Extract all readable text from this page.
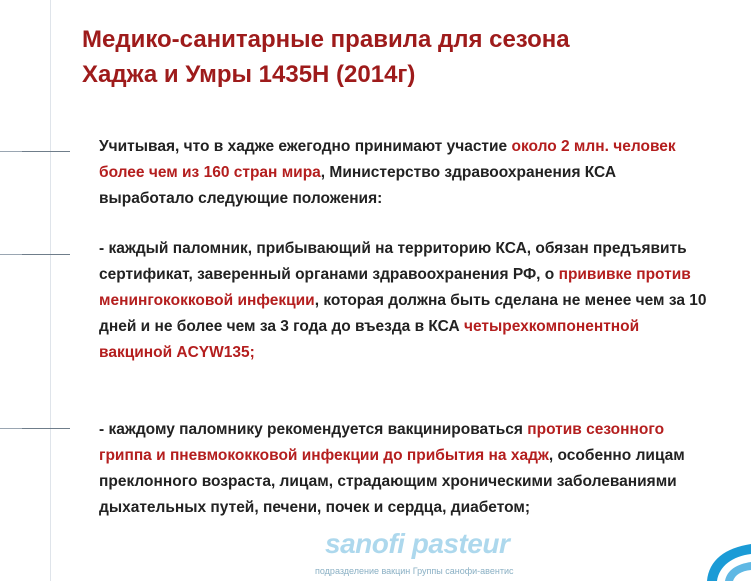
Медико-санитарные правила для сезона
Хаджа и Умры 1435Н (2014г)

Учитывая, что в хадже ежегодно принимают участие около 2 млн. человек более чем из 160 стран мира, Министерство здравоохранения КСА выработало следующие положения:

- каждый паломник, прибывающий на территорию КСА, обязан предъявить сертификат, заверенный органами здравоохранения РФ, о прививке против менингококковой инфекции, которая должна быть сделана не менее чем за 10 дней и не более чем за 3 года до въезда в КСА четырехкомпонентной вакциной ACYW135;

- каждому паломнику рекомендуется вакцинироваться против сезонного гриппа и пневмококковой инфекции до прибытия на хадж, особенно лицам преклонного возраста, лицам, страдающим хроническими заболеваниями дыхательных путей, печени, почек и сердца, диабетом;

sanofi pasteur
подразделение вакцин Группы санофи-авентис
